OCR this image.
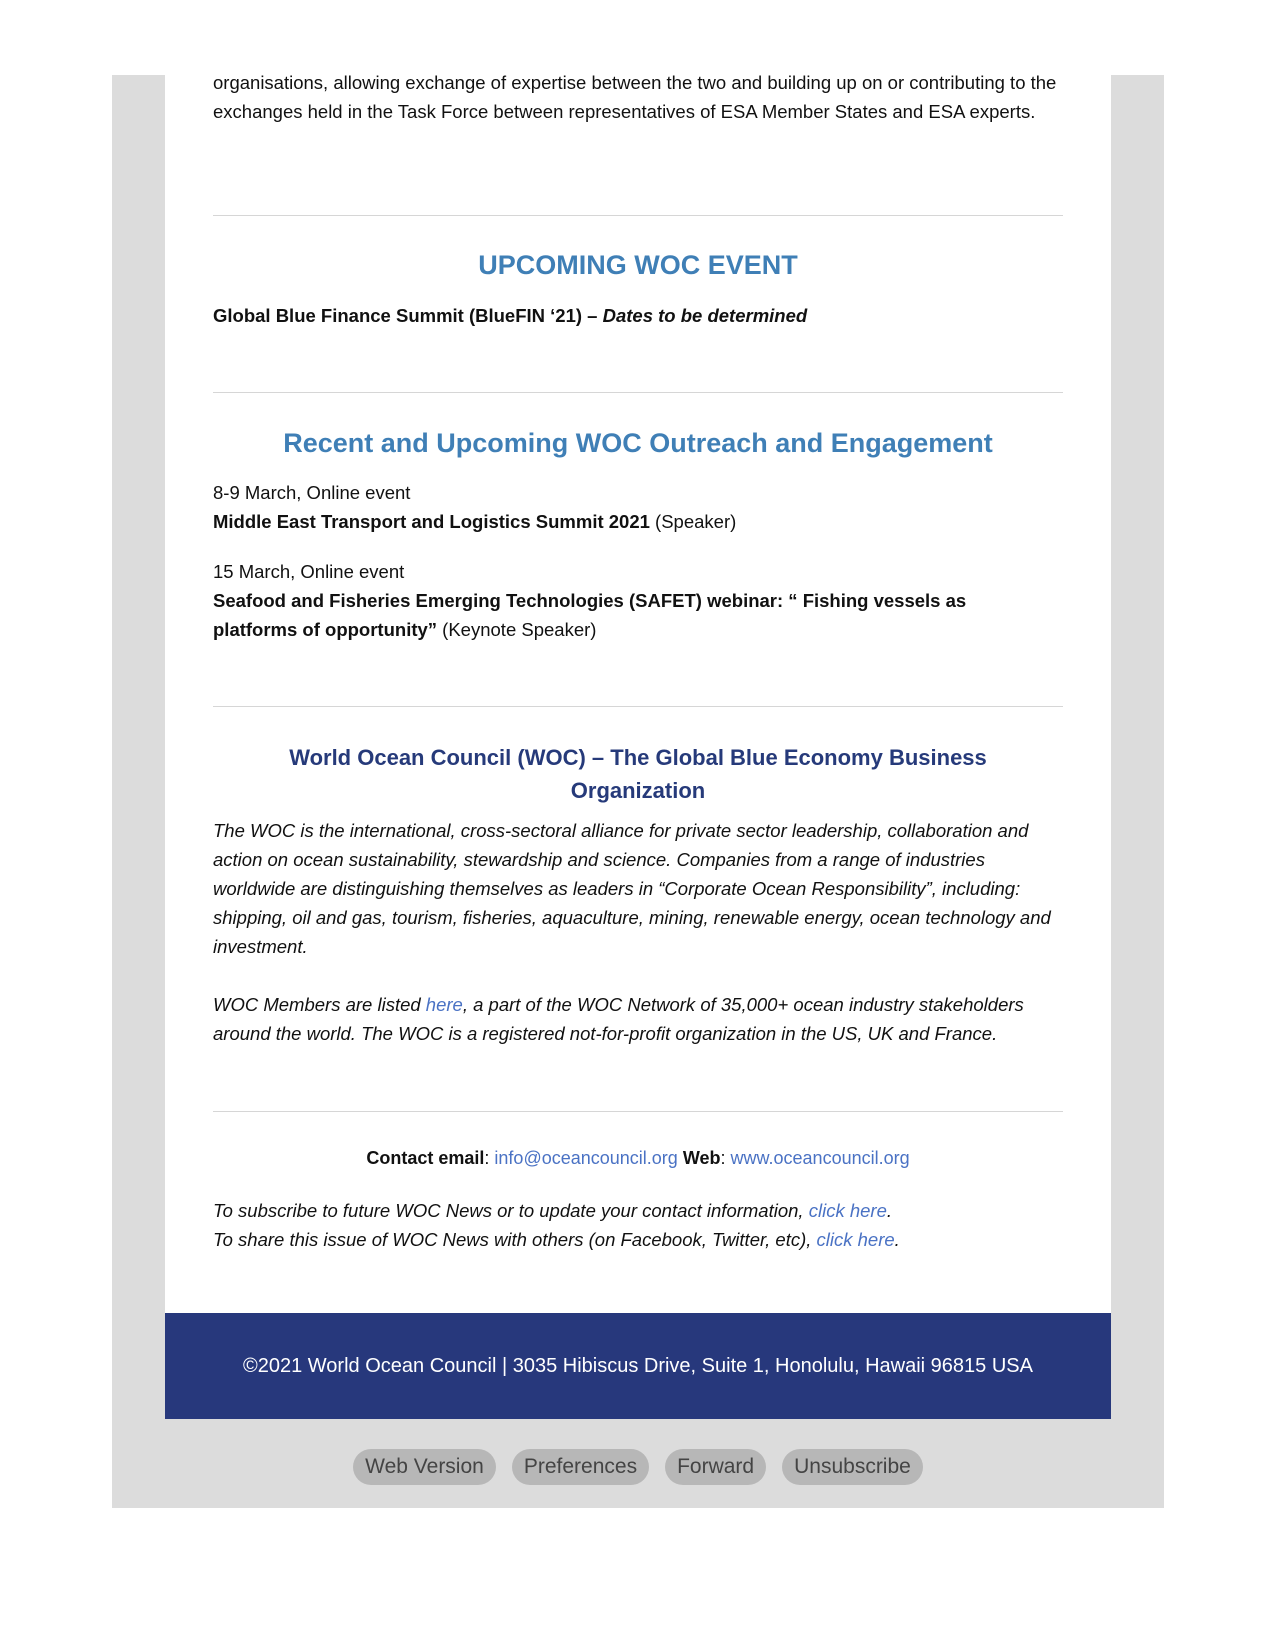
organisations, allowing exchange of expertise between the two and building up on or contributing to the exchanges held in the Task Force between representatives of ESA Member States and ESA experts.

UPCOMING WOC EVENT

Global Blue Finance Summit (BlueFIN ‘21) – Dates to be determined

Recent and Upcoming WOC Outreach and Engagement

8-9 March, Online event

Middle East Transport and Logistics Summit 2021 (Speaker)

15 March, Online event

Seafood and Fisheries Emerging Technologies (SAFET) webinar: “ Fishing vessels as

platforms of opportunity” (Keynote Speaker)

World Ocean Council (WOC) – The Global Blue Economy Business Organization

The WOC is the international, cross-sectoral alliance for private sector leadership, collaboration and action on ocean sustainability, stewardship and science. Companies from a range of industries worldwide are distinguishing themselves as leaders in “Corporate Ocean Responsibility”, including: shipping, oil and gas, tourism, fisheries, aquaculture, mining, renewable energy, ocean technology and investment.

WOC Members are listed here, a part of the WOC Network of 35,000+ ocean industry stakeholders around the world. The WOC is a registered not-for-profit organization in the US, UK and France.

Contact email: info@oceancouncil.org Web: www.oceancouncil.org

To subscribe to future WOC News or to update your contact information, click here.

To share this issue of WOC News with others (on Facebook, Twitter, etc), click here.

©2021 World Ocean Council | 3035 Hibiscus Drive, Suite 1, Honolulu, Hawaii 96815 USA
Web Version	Preferences	Forward	Unsubscribe
